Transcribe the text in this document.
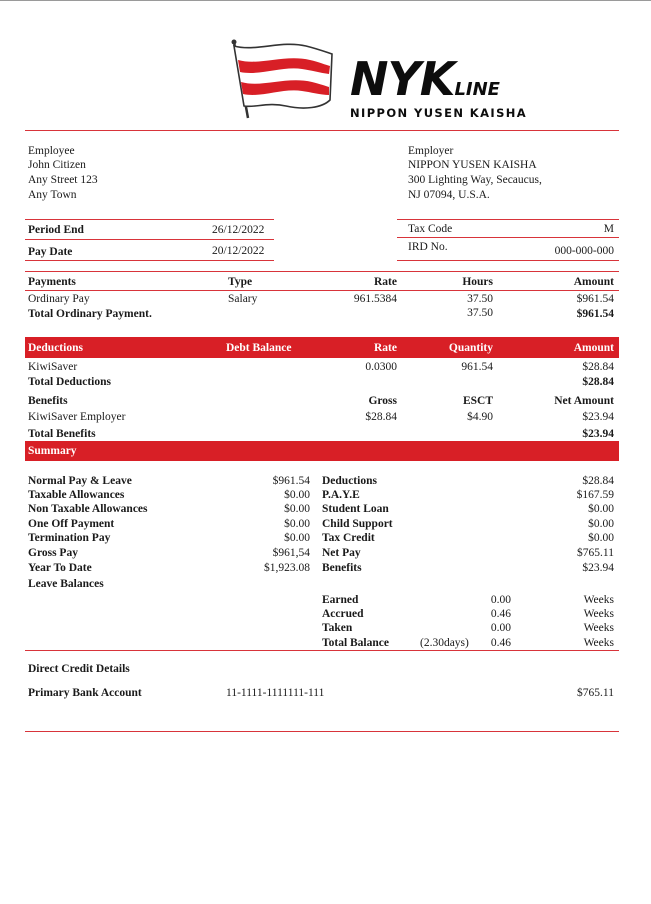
NYKLINE
NIPPON YUSEN KAISHA
Employee
John Citizen
Any Street 123
Any Town
Employer
NIPPON YUSEN KAISHA
300 Lighting Way, Secaucus,
NJ 07094, U.S.A.
Period End	26/12/2022	Tax Code	M
Pay Date	20/12/2022	IRD No.	000-000-000
Payments	Type	Rate	Hours	Amount
Ordinary Pay	Salary	961.5384	37.50	$961.54
Total Ordinary Payment.	37.50	$961.54
Deductions	Debt Balance	Rate	Quantity	Amount
KiwiSaver	0.0300	961.54	$28.84
Total Deductions	$28.84
Benefits	Gross	ESCT	Net Amount
KiwiSaver Employer	$28.84	$4.90	$23.94
Total Benefits	$23.94
Summary
Normal Pay & Leave	$961.54
Taxable Allowances	$0.00
Non Taxable Allowances	$0.00
One Off Payment	$0.00
Termination Pay	$0.00
Gross Pay	$961,54
Year To Date	$1,923.08
Deductions	$28.84
P.A.Y.E	$167.59
Student Loan	$0.00
Child Support	$0.00
Tax Credit	$0.00
Net Pay	$765.11
Benefits	$23.94
Leave Balances
Earned	0.00	Weeks
Accrued	0.46	Weeks
Taken	0.00	Weeks
Total Balance	(2.30days)	0.46	Weeks
Direct Credit Details
Primary Bank Account	11-1111-1111111-111	$765.11
